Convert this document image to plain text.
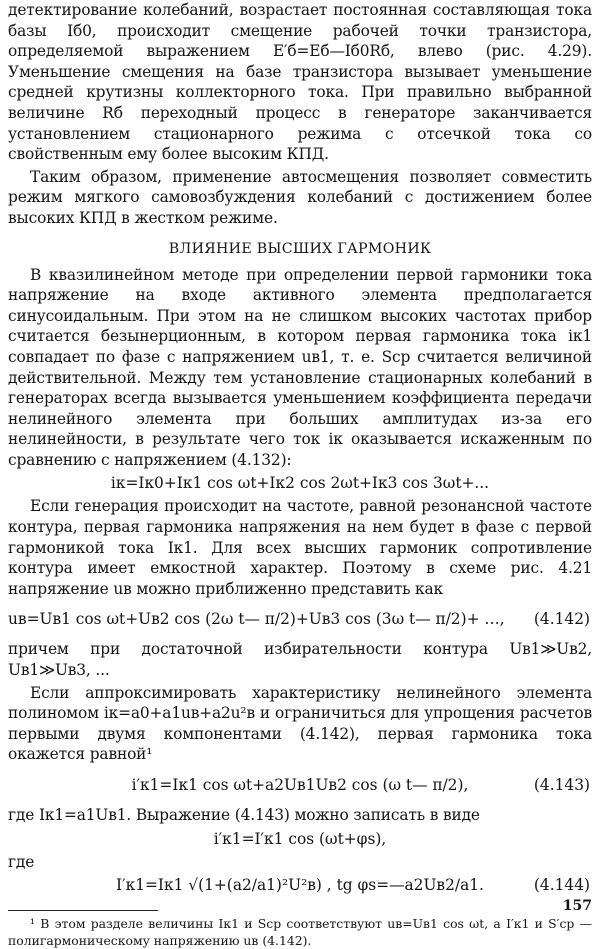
детектирование колебаний, возрастает постоянная составляющая тока базы Iб0, происходит смещение рабочей точки транзистора, определяемой выражением E′б=Eб—Iб0Rб, влево (рис. 4.29). Уменьшение смещения на базе транзистора вызывает уменьшение средней крутизны коллекторного тока. При правильно выбранной величине Rб переходный процесс в генераторе заканчивается установлением стационарного режима с отсечкой тока со свойственным ему более высоким КПД.

Таким образом, применение автосмещения позволяет совместить режим мягкого самовозбуждения колебаний с достижением более высоких КПД в жестком режиме.

ВЛИЯНИЕ ВЫСШИХ ГАРМОНИК

В квазилинейном методе при определении первой гармоники тока напряжение на входе активного элемента предполагается синусоидальным. При этом на не слишком высоких частотах прибор считается безынерционным, в котором первая гармоника тока iк1 совпадает по фазе с напряжением uв1, т. е. Sср считается величиной действительной. Между тем установление стационарных колебаний в генераторах всегда вызывается уменьшением коэффициента передачи нелинейного элемента при больших амплитудах из-за его нелинейности, в результате чего ток iк оказывается искаженным по сравнению с напряжением (4.132):

iк=Iк0+Iк1 cos ωt+Iк2 cos 2ωt+Iк3 cos 3ωt+...

Если генерация происходит на частоте, равной резонансной частоте контура, первая гармоника напряжения на нем будет в фазе с первой гармоникой тока Iк1. Для всех высших гармоник сопротивление контура имеет емкостной характер. Поэтому в схеме рис. 4.21 напряжение uв можно приближенно представить как

uв=Uв1 cos ωt+Uв2 cos (2ω t— π/2)+Uв3 cos (3ω t— π/2)+ …,	(4.142)

причем при достаточной избирательности контура Uв1≫Uв2, Uв1≫Uв3, ...

Если аппроксимировать характеристику нелинейного элемента полиномом iк=a0+a1uв+a2u²в и ограничиться для упрощения расчетов первыми двумя компонентами (4.142), первая гармоника тока окажется равной¹

i′к1=Iк1 cos ωt+a2Uв1Uв2 cos (ω t— π/2),	(4.143)

где Iк1=a1Uв1. Выражение (4.143) можно записать в виде

i′к1=I′к1 cos (ωt+φs),

где

I′к1=Iк1 √(1+(a2/a1)²U²в) , tg φs=—a2Uв2/a1.	(4.144)

¹ В этом разделе величины Iк1 и Sср соответствуют uв=Uв1 cos ωt, а I′к1 и S′ср — полигармоническому напряжению uв (4.142).

157
